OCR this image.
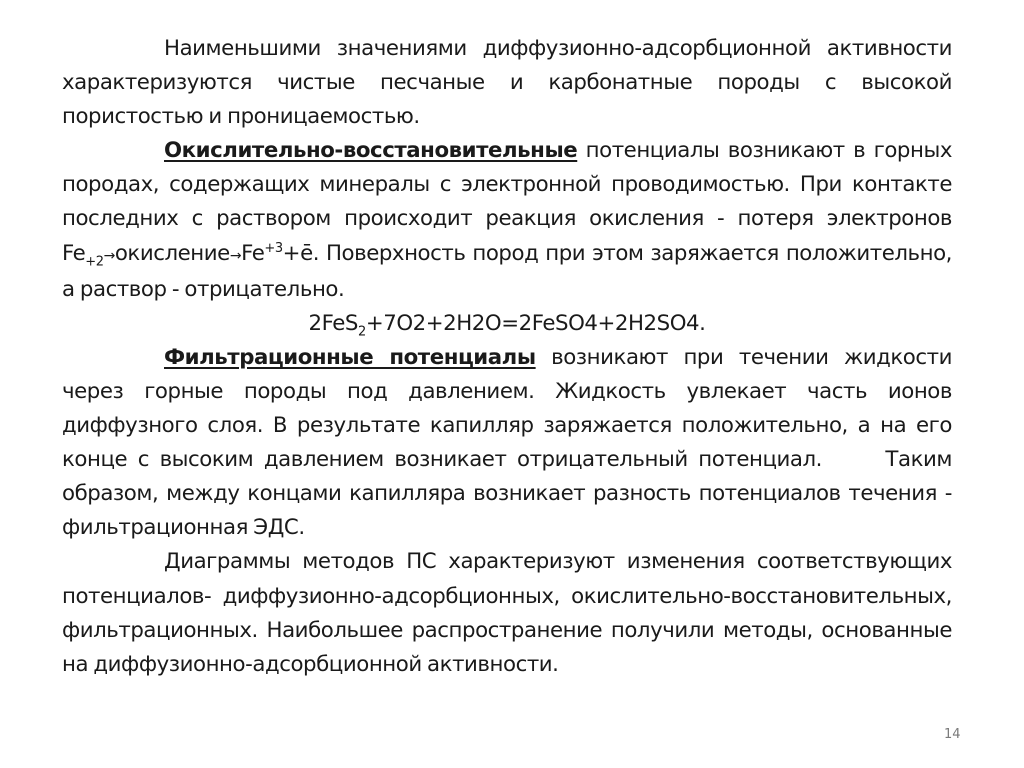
Наименьшими значениями диффузионно-адсорбционной активности характеризуются чистые песчаные и карбонатные породы с высокой пористостью и проницаемостью.

Окислительно-восстановительные потенциалы возникают в горных породах, содержащих минералы с электронной проводимостью. При контакте последних с раствором происходит реакция окисления - потеря электронов $Fe_{+2}\to окисление\to Fe^{+3}+ē$. Поверхность пород при этом заряжается положительно, а раствор - отрицательно.

2FeS$_2$+7O2+2H2O=2FeSO4+2H2SO4.

Фильтрационные потенциалы возникают при течении жидкости через горные породы под давлением. Жидкость увлекает часть ионов диффузного слоя. В результате капилляр заряжается положительно, а на его конце с высоким давлением возникает отрицательный потенциал.      Таким образом, между концами капилляра возникает разность потенциалов течения - фильтрационная ЭДС.

Диаграммы методов ПС характеризуют изменения соответствующих потенциалов- диффузионно-адсорбционных, окислительно-восстановительных, фильтрационных. Наибольшее распространение получили методы, основанные на диффузионно-адсорбционной активности.

14
